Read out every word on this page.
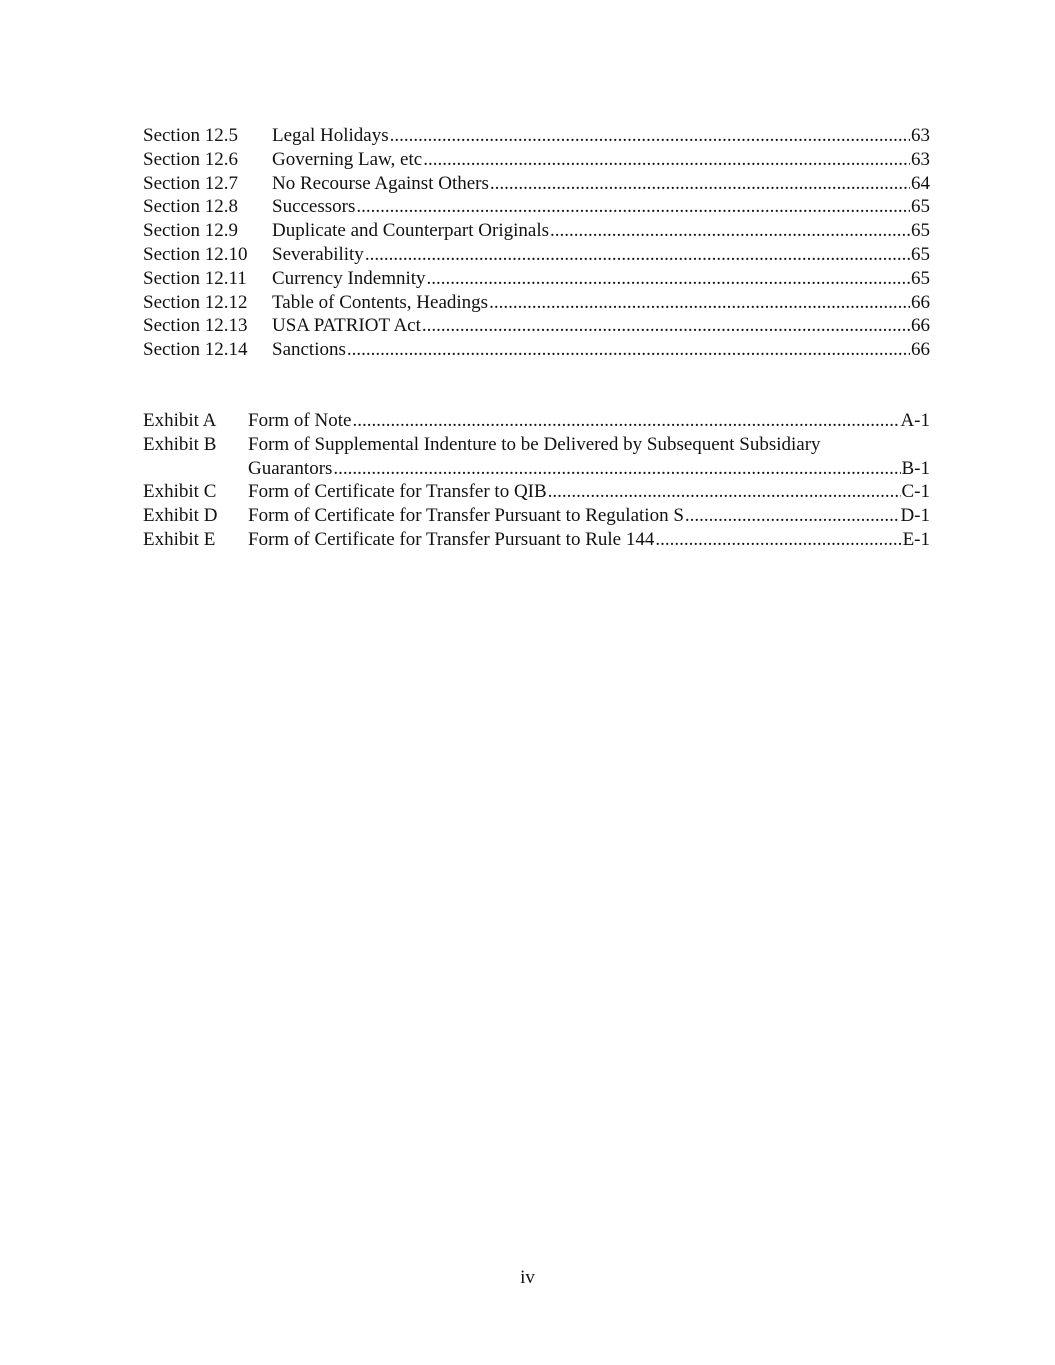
Section 12.5 Legal Holidays .....	63
Section 12.6 Governing Law, etc .....	63
Section 12.7 No Recourse Against Others .....	64
Section 12.8 Successors .....	65
Section 12.9 Duplicate and Counterpart Originals .....	65
Section 12.10 Severability .....	65
Section 12.11 Currency Indemnity .....	65
Section 12.12 Table of Contents, Headings .....	66
Section 12.13 USA PATRIOT Act .....	66
Section 12.14 Sanctions .....	66
Exhibit A Form of Note .....	A-1
Exhibit B Form of Supplemental Indenture to be Delivered by Subsequent Subsidiary
Guarantors .....	B-1
Exhibit C Form of Certificate for Transfer to QIB .....	C-1
Exhibit D Form of Certificate for Transfer Pursuant to Regulation S .....	D-1
Exhibit E Form of Certificate for Transfer Pursuant to Rule 144 .....	E-1
iv
